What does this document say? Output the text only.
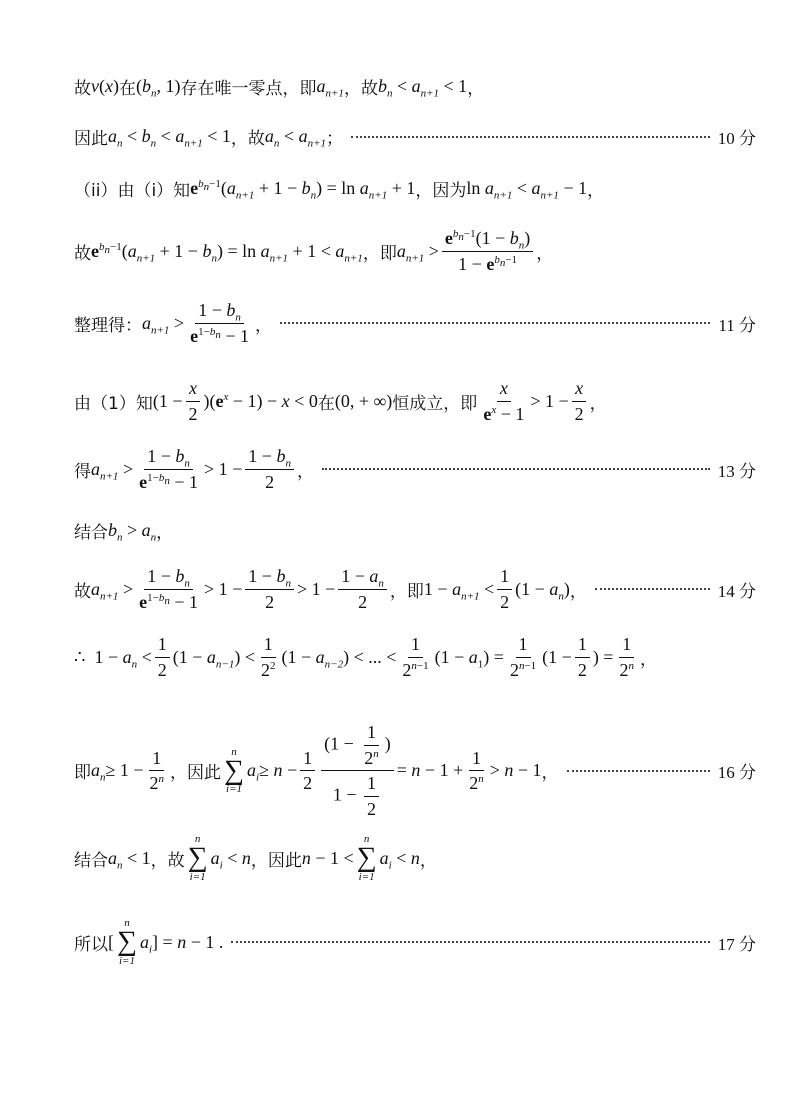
故 v(x) 在 ($b_n$, 1) 存在唯一零点，即 $a_{n+1}$ ， 故 $b_n < a_{n+1} < 1$ ，
因此 $a_n < b_n < a_{n+1} < 1$ ， 故 $a_n < a_{n+1}$ ；	10 分
（ii）由（i）知 $e^{b_n-1}(a_{n+1} + 1 - b_n) = \ln a_{n+1} + 1$ ， 因为 $\ln a_{n+1} < a_{n+1} - 1$ ，
故 $e^{b_n-1}(a_{n+1} + 1 - b_n) = \ln a_{n+1} + 1 < a_{n+1}$ ， 即 $a_{n+1} > \frac{e^{b_n-1}(1 - b_n)}{1 - e^{b_n-1}}$ ，
整理得： $a_{n+1} > \frac{1 - b_n}{e^{1-b_n} - 1}$ ，	11 分
由（1）知 $(1 - \frac{x}{2} )(e^x - 1) - x < 0$ 在 (0, + ∞) 恒成立，即 $\frac{x}{e^x - 1} > 1 - \frac{x}{2}$ ，
得 $a_{n+1} > \frac{1 - b_n}{e^{1-b_n} - 1} > 1 - \frac{1 - b_n}{2}$ ，	13 分
结合 $b_n > a_n$ ，
故 $a_{n+1} > \frac{1 - b_n}{e^{1-b_n} - 1} > 1 - \frac{1 - b_n}{2} > 1 - \frac{1 - a_n}{2}$ ， 即 $1 - a_{n+1} < \frac{1}{2} (1 - a_n)$ ，	14 分
∴  $1 - a_n < \frac{1}{2} (1 - a_{n-1}) < \frac{1}{2^2} (1 - a_{n-2})$ < ... < $\frac{1}{2^{n-1}} (1 - a_1) = \frac{1}{2^{n-1}} (1 - \frac{1}{2}$ ) = $\frac{1}{2^n}$ ，
即 $a_n\ge 1 - \frac{1}{2^n}$ ， 因此
n
∑
i=1
$a_i\ge n - \frac{1}{2} \frac{(1 - \frac{1}{2^n} )}{1 - \frac{1}{2}} = n - 1 + \frac{1}{2^n} > n - 1$ ，	16 分
结合 $a_n < 1$ ， 故
n
∑
i=1
$a_i < n$ ， 因此 n − 1 <
n
∑
i=1
$a_i < n$ ，
所以 [
n
∑
i=1
$a_i] = n - 1$ .	17 分
